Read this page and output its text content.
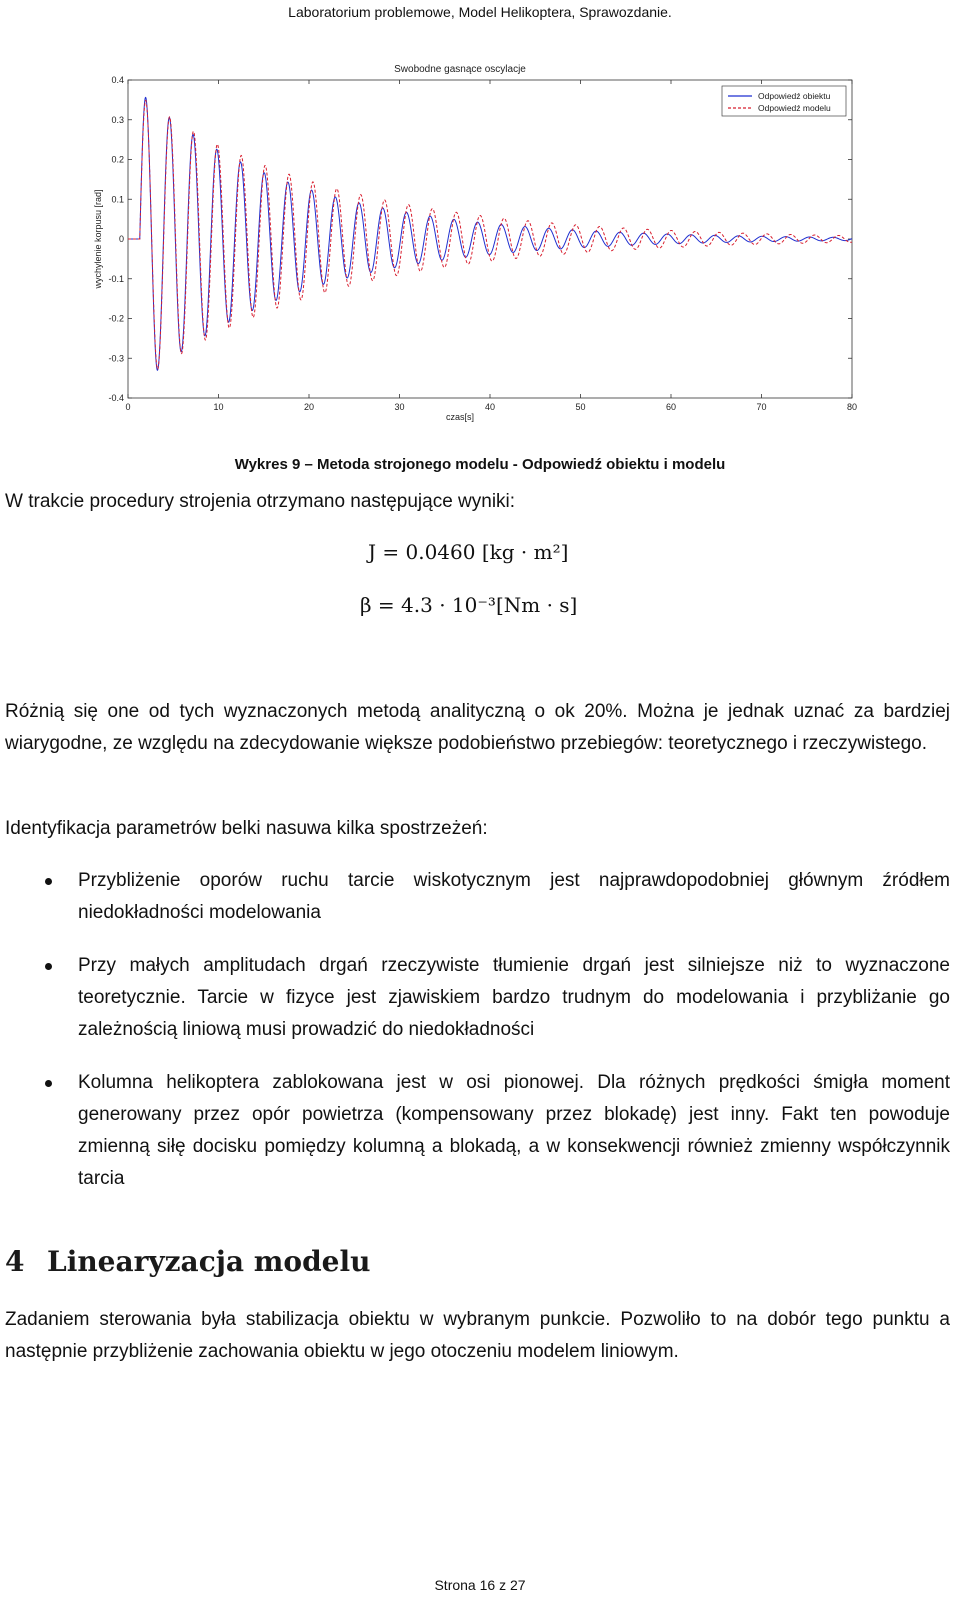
Laboratorium problemowe, Model Helikoptera, Sprawozdanie.
Swobodne gasnące oscylacje
0	10	20	30	40	50	60	70	80
0.4
0.3
0.2
0.1
0
-0.1
-0.2
-0.3
-0.4
czas[s]
wychylenie korpusu [rad]
Odpowiedź obiektu
Odpowiedź modelu
Wykres 9 – Metoda strojonego modelu - Odpowiedź obiektu i modelu
W trakcie procedury strojenia otrzymano następujące wyniki:
J = 0.0460 [kg · m²]
β = 4.3 · 10⁻³[Nm · s]
Różnią się one od tych wyznaczonych metodą analityczną o ok 20%. Można je jednak uznać za bardziej wiarygodne, ze względu na zdecydowanie większe podobieństwo przebiegów: teoretycznego i rzeczywistego.
Identyfikacja parametrów belki nasuwa kilka spostrzeżeń:
Przybliżenie oporów ruchu tarcie wiskotycznym jest najprawdopodobniej głównym źródłem niedokładności modelowania
Przy małych amplitudach drgań rzeczywiste tłumienie drgań jest silniejsze niż to wyznaczone teoretycznie. Tarcie w fizyce jest zjawiskiem bardzo trudnym do modelowania i przybliżanie go zależnością liniową musi prowadzić do niedokładności
Kolumna helikoptera zablokowana jest w osi pionowej. Dla różnych prędkości śmigła moment generowany przez opór powietrza (kompensowany przez blokadę) jest inny. Fakt ten powoduje zmienną siłę docisku pomiędzy kolumną a blokadą, a w konsekwencji również zmienny współczynnik tarcia
4 Linearyzacja modelu
Zadaniem sterowania była stabilizacja obiektu w wybranym punkcie. Pozwoliło to na dobór tego punktu a następnie przybliżenie zachowania obiektu w jego otoczeniu modelem liniowym.
Strona 16 z 27
